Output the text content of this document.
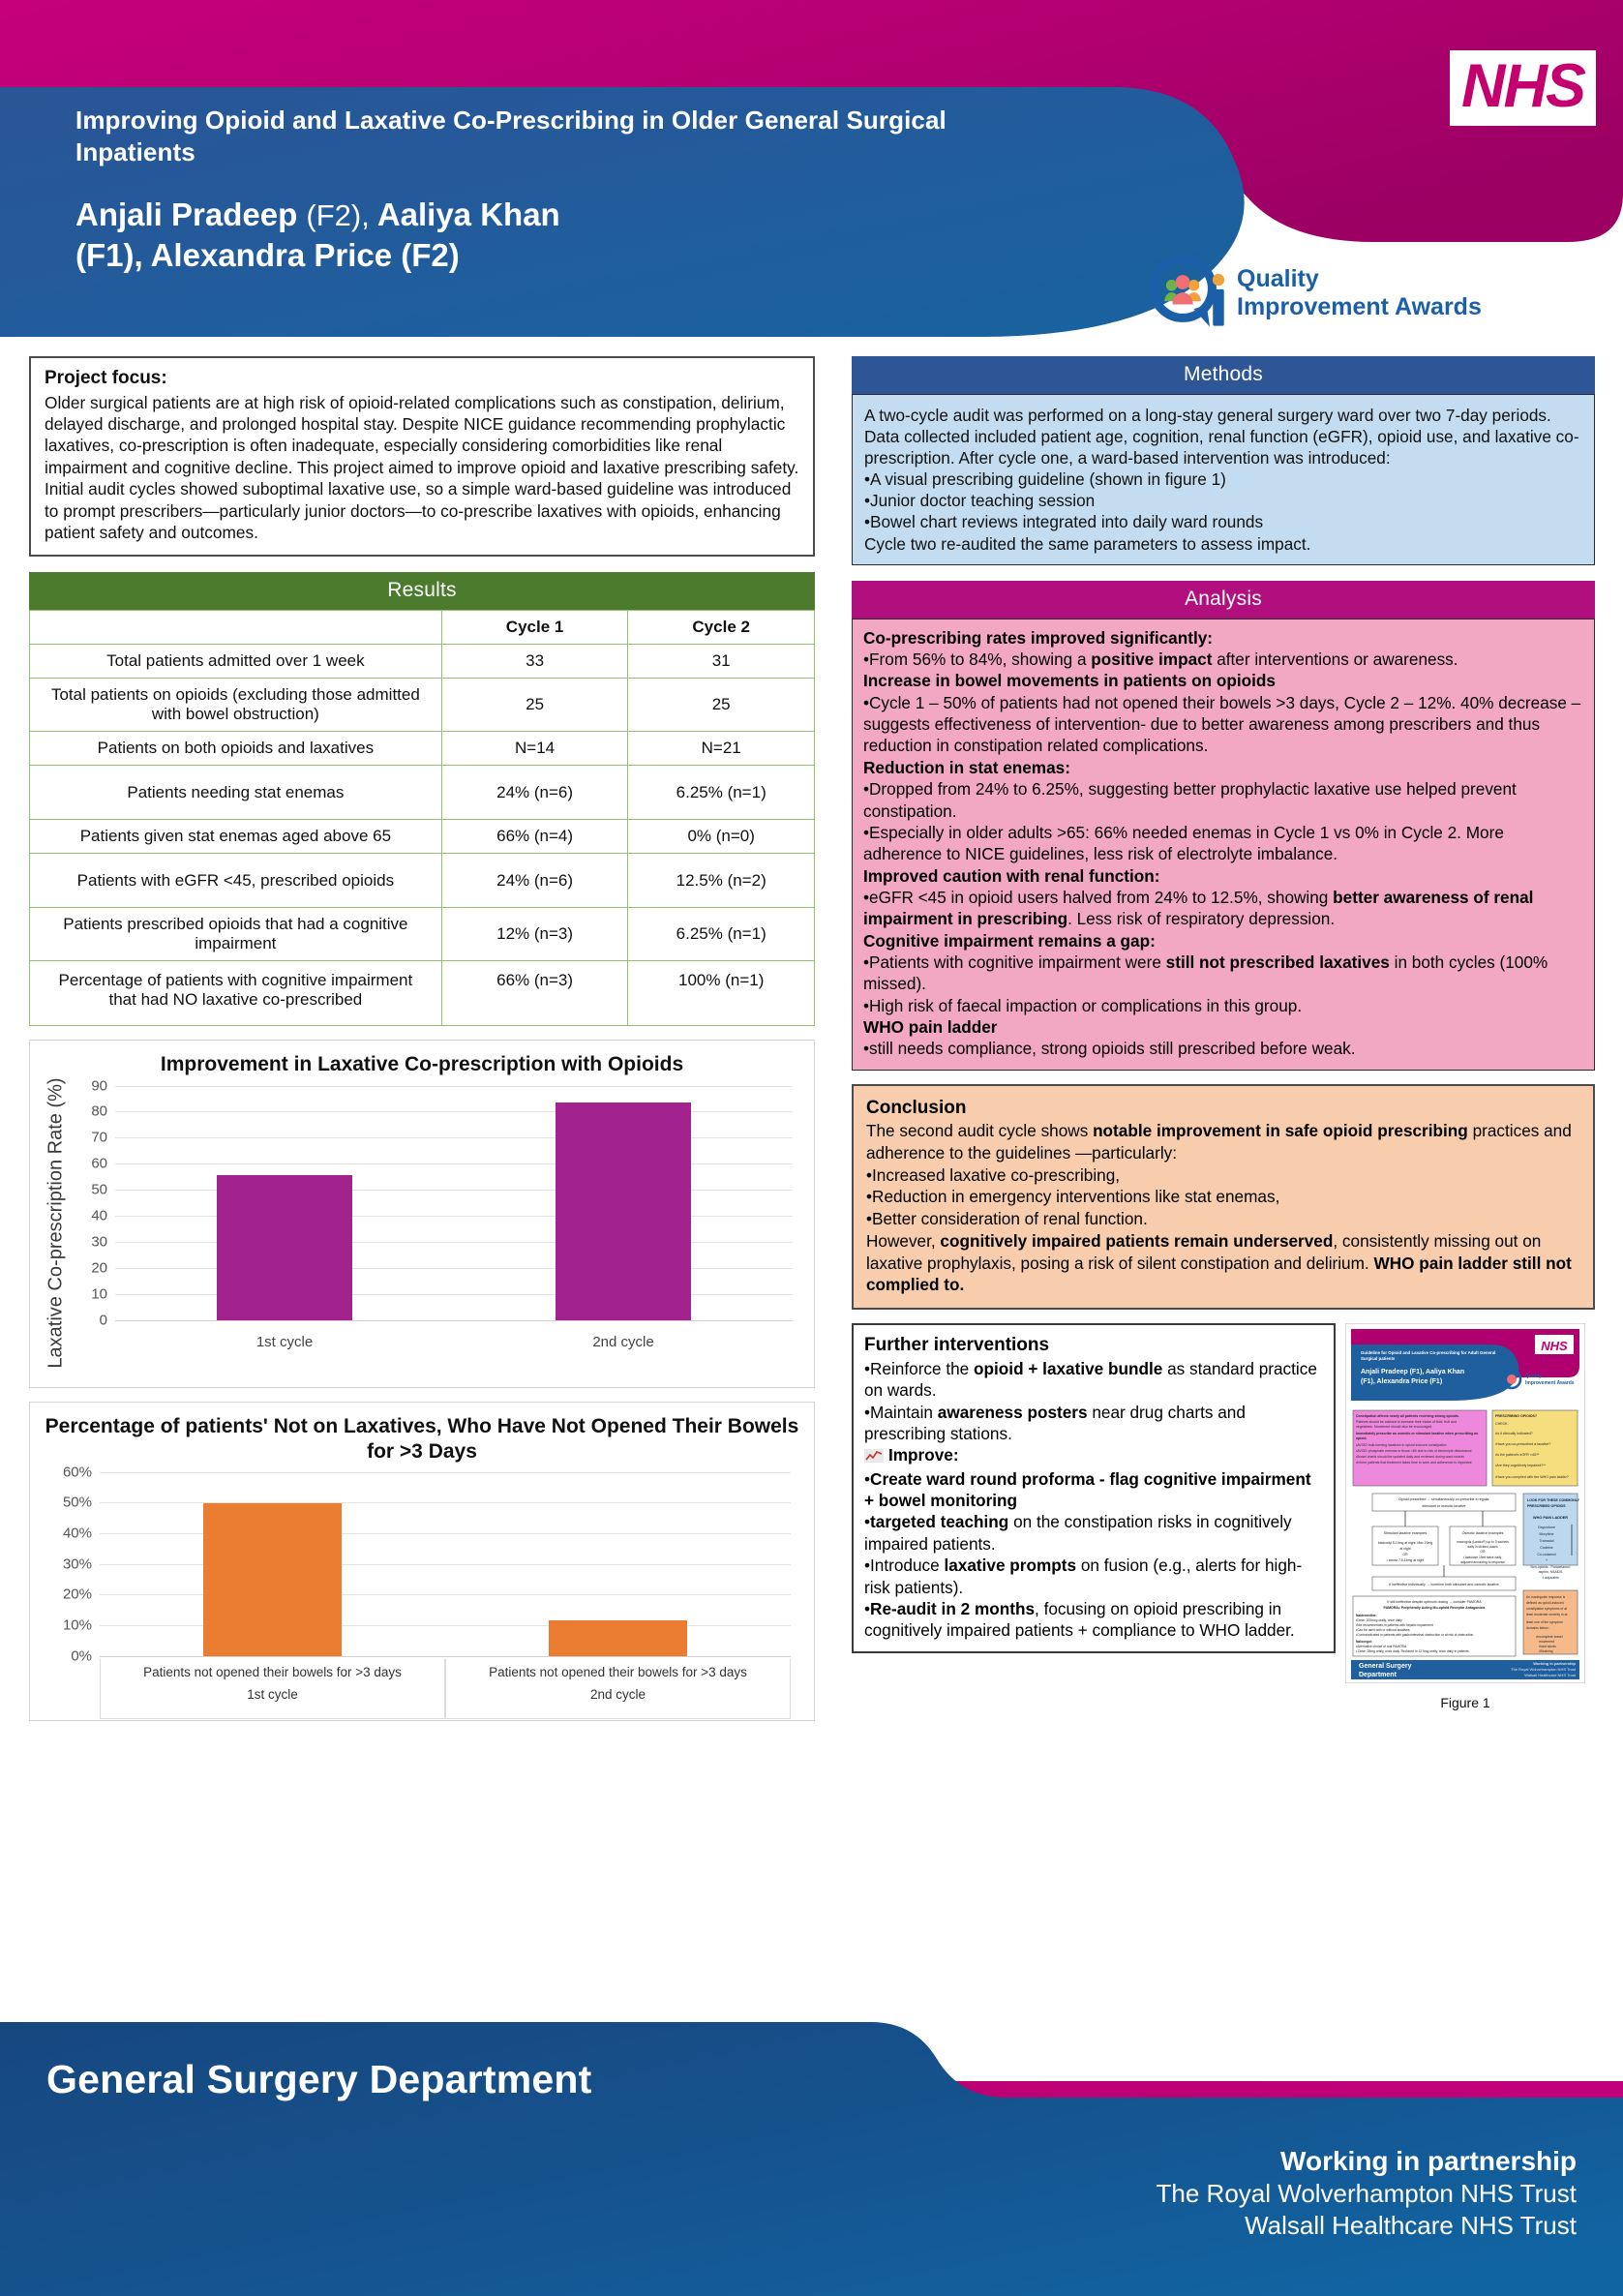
Improving Opioid and Laxative Co-Prescribing in Older General Surgical Inpatients
Anjali Pradeep (F2), Aaliya Khan
(F1), Alexandra Price (F2)
NHS
Quality
Improvement Awards
Project focus:
Older surgical patients are at high risk of opioid-related complications such as constipation, delirium, delayed discharge, and prolonged hospital stay. Despite NICE guidance recommending prophylactic laxatives, co-prescription is often inadequate, especially considering comorbidities like renal impairment and cognitive decline. This project aimed to improve opioid and laxative prescribing safety. Initial audit cycles showed suboptimal laxative use, so a simple ward-based guideline was introduced to prompt prescribers—particularly junior doctors—to co-prescribe laxatives with opioids, enhancing patient safety and outcomes.
Results
	Cycle 1	Cycle 2
Total patients admitted over 1 week	33	31
Total patients on opioids (excluding those admitted with bowel obstruction)	25	25
Patients on both opioids and laxatives	N=14	N=21
Patients needing stat enemas	24% (n=6)	6.25% (n=1)
Patients given stat enemas aged above 65	66% (n=4)	0% (n=0)
Patients with eGFR <45, prescribed opioids	24% (n=6)	12.5% (n=2)
Patients prescribed opioids that had a cognitive impairment	12% (n=3)	6.25% (n=1)
Percentage of patients with cognitive impairment that had NO laxative co-prescribed	66% (n=3)	100% (n=1)
Improvement in Laxative Co-prescription with Opioids
Laxative Co-prescription Rate (%) 0
10
20
30
40
50
60
70
80
90
1st cycle	2nd cycle
Percentage of patients' Not on Laxatives, Who Have Not Opened Their Bowels for >3 Days
0%
10%
20%
30%
40%
50%
60%
Patients not opened their bowels for >3 days
1st cycle
Patients not opened their bowels for >3 days
2nd cycle
Methods

A two-cycle audit was performed on a long-stay general surgery ward over two 7-day periods. Data collected included patient age, cognition, renal function (eGFR), opioid use, and laxative co-prescription. After cycle one, a ward-based intervention was introduced:

•A visual prescribing guideline (shown in figure 1)

•Junior doctor teaching session

•Bowel chart reviews integrated into daily ward rounds

Cycle two re-audited the same parameters to assess impact.

Analysis
Co-prescribing rates improved significantly:
•From 56% to 84%, showing a positive impact after interventions or awareness.
Increase in bowel movements in patients on opioids
•Cycle 1 – 50% of patients had not opened their bowels >3 days, Cycle 2 – 12%. 40% decrease – suggests effectiveness of intervention- due to better awareness among prescribers and thus reduction in constipation related complications.
Reduction in stat enemas:
•Dropped from 24% to 6.25%, suggesting better prophylactic laxative use helped prevent constipation.
•Especially in older adults >65: 66% needed enemas in Cycle 1 vs 0% in Cycle 2. More adherence to NICE guidelines, less risk of electrolyte imbalance.
Improved caution with renal function:
•eGFR <45 in opioid users halved from 24% to 12.5%, showing better awareness of renal impairment in prescribing. Less risk of respiratory depression.
Cognitive impairment remains a gap:
•Patients with cognitive impairment were still not prescribed laxatives in both cycles (100% missed).
•High risk of faecal impaction or complications in this group.
WHO pain ladder
•still needs compliance, strong opioids still prescribed before weak.
Conclusion
The second audit cycle shows notable improvement in safe opioid prescribing practices and adherence to the guidelines —particularly:
•Increased laxative co-prescribing,
•Reduction in emergency interventions like stat enemas,
•Better consideration of renal function.
However, cognitively impaired patients remain underserved, consistently missing out on laxative prophylaxis, posing a risk of silent constipation and delirium. WHO pain ladder still not complied to.
Further interventions
•Reinforce the opioid + laxative bundle as standard practice on wards.
•Maintain awareness posters near drug charts and prescribing stations.
Improve:
•Create ward round proforma - flag cognitive impairment + bowel monitoring
•targeted teaching on the constipation risks in cognitively impaired patients.
•Introduce laxative prompts on fusion (e.g., alerts for high-risk patients).
•Re-audit in 2 months, focusing on opioid prescribing in cognitively impaired patients + compliance to WHO ladder.
NHS
Guideline for Opioid and Laxative Co-prescribing for Adult General
Surgical patients
Anjali Pradeep (F1), Aaliya Khan
(F1), Alexandra Price (F1)
Quality
Improvement Awards
Constipation affects nearly all patients receiving strong opioids.
Patients should be advised to increase their intake of fluid, fruit and
vegetables. Movement should also be encouraged.
Immediately prescribe an osmotic or stimulant laxative when prescribing an
opioid.
•AVOID bulk-forming laxatives in opioid induced constipation
•AVOID phosphate enemas in those >65 due to risk of electrolyte disturbance
•Bowel charts should be updated daily and reviewed during ward rounds
•Inform patients that treatment takes time to work and adherence is important
PRESCRIBING OPIOIDS?
CHECK:
•Is it clinically indicated?
•Have you co-prescribed a laxative?
•Is the patient's eGFR <45?*
•Are they cognitively impaired?**
•Have you complied with the WHO pain ladder?
Opioid prescribed → simultaneously co-prescribe a regular
stimulant or osmotic laxative
Stimulant laxative examples
bisacodyl 5-10mg at night. Max 20mg
at night
OR
• senna 7.5-15mg at night
Osmotic laxative examples
macrogols (Laxido®) up to 3 sachets
daily in divided doses
OR
• lactulose 15ml twice daily,
adjusted according to response
If ineffective individually → combine both stimulant and osmotic laxative
LOOK FOR THESE COMMONLY
PRESCRIBED OPIOIDS
WHO PAIN LADDER
Oxycodone
Morphine
Tramadol
Codeine
Co-codamol
+
Non-opioids - Paracetamol,
aspirin, NSAIDS
± adjuvants
An inadequate response is
defined as opioid-induced
constipation symptoms of at
least moderate severity in at
least one of the symptom
domains below:
•Incomplete bowel
movement
•hard stools
•Straining
If still ineffective despite optimum dosing → consider PAMORA
PAMORA= Peripherally Acting Mu-opioid Receptor Antagonists
Naldemedine:
•Dose: 200mcg orally, once daily
•Not recommended in patients with hepatic impairment
•Can be used with or without laxatives
•Contraindicated in patients with gastrointestinal obstruction or at risk of obstruction
Naloxegol:
•Alternative choice of oral PAMORA
• Dose: 25mg orally, once daily. Reduced to 12.5mg orally, once daily in patients
General Surgery
Department
Working in partnership
The Royal Wolverhampton NHS Trust
Walsall Healthcare NHS Trust
Figure 1
General Surgery Department
Working in partnership
The Royal Wolverhampton NHS Trust
Walsall Healthcare NHS Trust
